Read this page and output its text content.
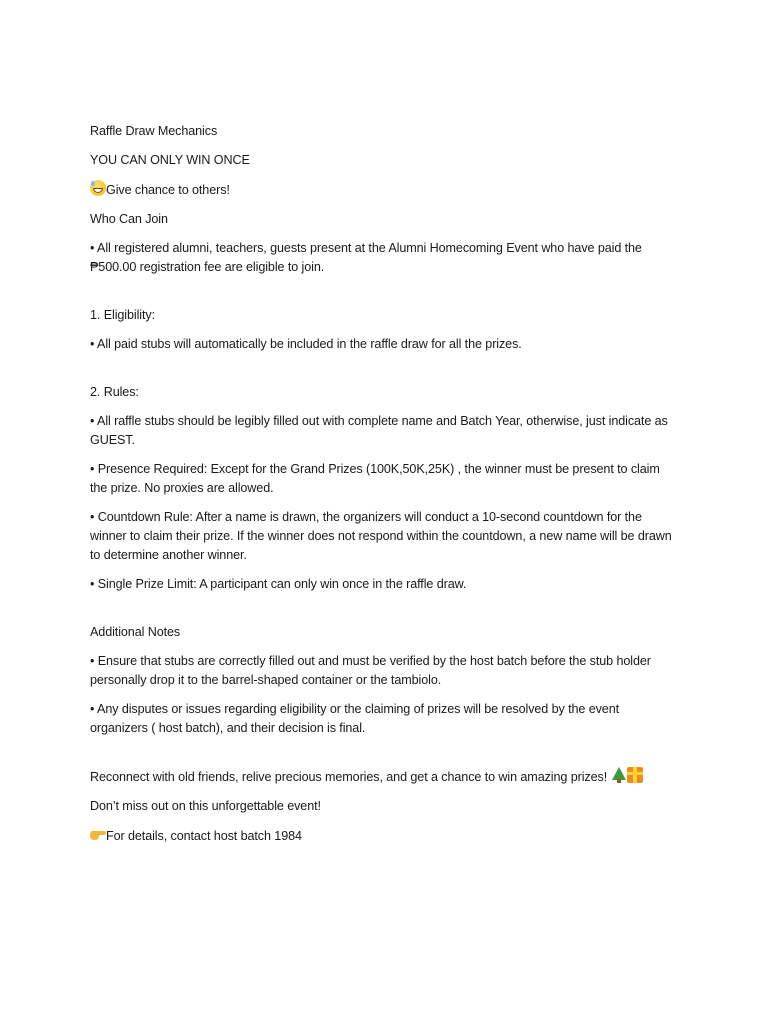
Raffle Draw Mechanics

YOU CAN ONLY WIN ONCE

Give chance to others!

Who Can Join

• All registered alumni, teachers, guests present at the Alumni Homecoming Event who have paid the ₱500.00 registration fee are eligible to join.

1. Eligibility:

• All paid stubs will automatically be included in the raffle draw for all the prizes.

2. Rules:

• All raffle stubs should be legibly filled out with complete name and Batch Year, otherwise, just indicate as GUEST.

• Presence Required: Except for the Grand Prizes (100K,50K,25K) , the winner must be present to claim the prize. No proxies are allowed.

• Countdown Rule: After a name is drawn, the organizers will conduct a 10-second countdown for the winner to claim their prize. If the winner does not respond within the countdown, a new name will be drawn to determine another winner.

• Single Prize Limit: A participant can only win once in the raffle draw.

Additional Notes

• Ensure that stubs are correctly filled out and must be verified by the host batch before the stub holder personally drop it to the barrel-shaped container or the tambiolo.

• Any disputes or issues regarding eligibility or the claiming of prizes will be resolved by the event organizers ( host batch), and their decision is final.

Reconnect with old friends, relive precious memories, and get a chance to win amazing prizes!

Don’t miss out on this unforgettable event!

For details, contact host batch 1984
